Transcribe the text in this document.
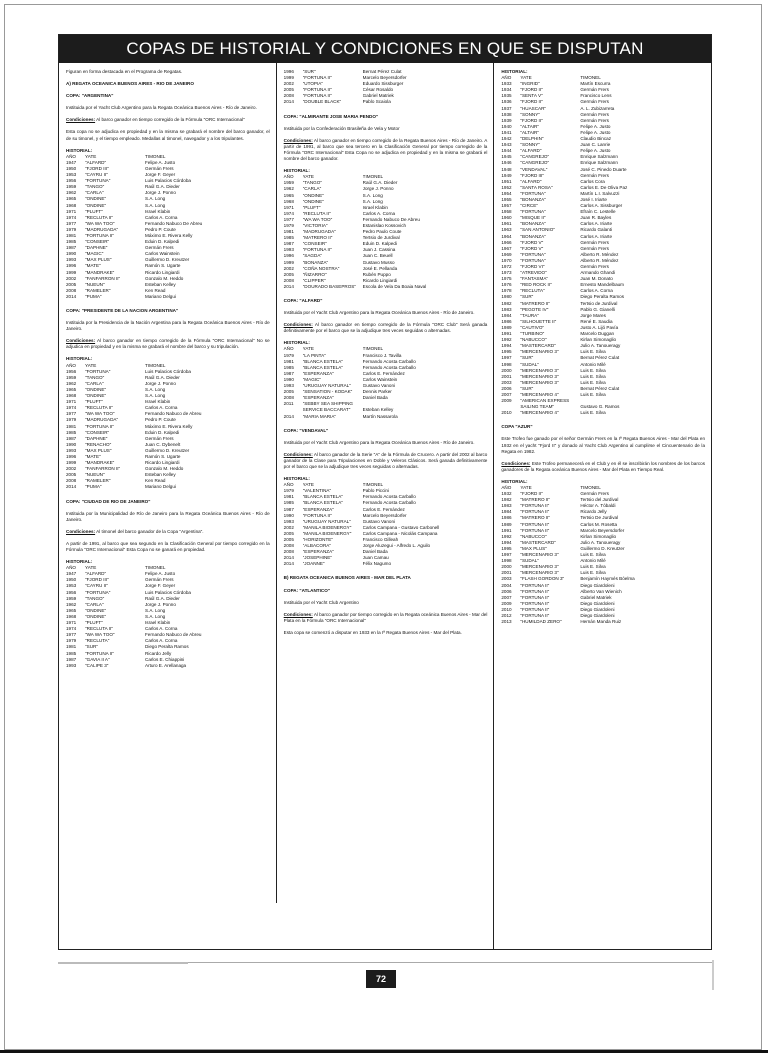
COPAS DE HISTORIAL Y CONDICIONES EN QUE SE DISPUTAN
Figuran en forma destacada en el Programa de Regatas.
A) REGATA OCEANICA BUENOS AIRES - RIO DE JANEIRO
COPA: "ARGENTINA"
Instituida por el Yacht Club Argentino para la Regata Oceánica Buenos Aires - Río de Janeiro.
Condiciones: Al barco ganador en tiempo corregido de la Fórmula "ORC Internacional"
Esta copa no se adjudica en propiedad y en la misma se grabará el nombre del barco ganador, el de su timonel, y el tiempo empleado. Medallas al timonel, navegador y a los tripulantes.
HISTORIAL:
AÑO	YATE	TIMONEL
1947	"ALFARD"	Felipe A. Justo
1950	"FJORD III"	Germán Frers
1953	"CAYRU II"	Jorge F. Geyer
1956	"FORTUNA"	Luis Palacios Córdoba
1959	"TANGO"	Raúl G.A. Dieder
1962	"CARLA"	Jorge J. Ponno
1965	"ONDINE"	S.A. Long
1968	"ONDINE"	S.A. Long
1971	"PLUFT"	Israel Klabin
1974	"RECLUTA II"	Carlos A. Corna
1977	"WA WA TOO"	Fernando Nabuco De Abreu
1979	"MADRUGADA"	Pedro P. Coute
1981	"FORTUNA II"	Máximo E. Rivera Kelly
1985	"CONSEIR"	Eduin D. Kalpedi
1987	"DAPHNE"	Germán Frers
1990	"MAGIC"	Carlos Wainstein
1993	"MAX PLUS"	Guillermo D. Kreutzer
1996	"MATE"	Ramón S. Ugarte
1999	"MANDRAKE"	Ricardo Lingiardi
2002	"FANFARRON II"	Gonzalo M. Heddo
2005	"NUEUN"	Esteban Kelley
2008	"RAMELER"	Ken Read
2014	"PUMA"	Mariano Delgui
COPA: "PRESIDENTE DE LA NACION ARGENTINA"
Instituida por la Presidencia de la Nación Argentina para la Regata Oceánica Buenos Aires - Río de Janeiro.
Condiciones: Al barco ganador en tiempo corregido de la Fórmula "ORC Internacional" No se adjudica en propiedad y en la misma se grabará el nombre del barco y su tripulación.
HISTORIAL:
AÑO	YATE	TIMONEL
1956	"FORTUNA"	Luis Palacios Córdoba
1959	"TANGO"	Raúl G.A. Dieder
1962	"CARLA"	Jorge J. Ponno
1965	"ONDINE"	S.A. Long
1968	"ONDINE"	S.A. Long
1971	"PLUFT"	Israel Klabin
1974	"RECLUTA II"	Carlos A. Corna
1977	"WA WA TOO"	Fernando Nabuco de Abreu
1979	"MADRUGADA"	Pedro P. Coute
1981	"FORTUNA II"	Máximo E. Rivera Kelly
1985	"CONSEIR"	Eduin D. Kalpedi
1987	"DAPHNE"	Germán Frers
1990	"RENACHO"	Juan C. Dybenelt
1993	"MAX PLUS"	Guillermo D. Kreutzer
1996	"MATE"	Ramón S. Ugarte
1999	"MANDRAKE"	Ricardo Lingiardi
2002	"FANFARRON II"	Gonzalo M. Heddo
2005	"NUEUN"	Esteban Kelley
2008	"RAMELER"	Ken Read
2014	"PUMA"	Mariano Delgui
COPA: "CIUDAD DE RIO DE JANEIRO"
Instituida por la Municipalidad de Río de Janeiro para la Regata Oceánica Buenos Aires - Río de Janeiro.
Condiciones: Al timonel del barco ganador de la Copa "Argentina".
A partir de 1991, al barco que sea segundo en la Clasificación General por tiempo corregido en la Fórmula "ORC Internacional" Esta Copa no se ganará en propiedad.
HISTORIAL:
AÑO	YATE	TIMONEL
1947	"ALFARD"	Felipe A. Justo
1950	"FJORD III"	Germán Frers
1953	"CAYRU II"	Jorge F. Geyer
1956	"FORTUNA"	Luis Palacios Córdoba
1959	"TANGO"	Raúl G.A. Dieder
1962	"CARLA"	Jorge J. Ponno
1965	"ONDINE"	S.A. Long
1968	"ONDINE"	S.A. Long
1971	"PLUFT"	Israel Klabin
1974	"RECLUTA II"	Carlos A. Corna
1977	"WA WA TOO"	Fernando Nabuco de Abreu
1979	"RECLUTA"	Carlos A. Corna
1981	"SUR"	Diego Peralta Ramos
1985	"FORTUNA II"	Ricardo Jelly
1987	"GAVIA II A"	Carlos E. Chiappini
1993	"CALIPE 3"	Arturo E. Arellanaga
1996	"SUR"	Bernat Pérez Culat
1999	"FORTUNA II"	Marcelo Beyersdorfer
2002	"UTOPIA"	Eduardo Sissburger
2005	"FORTUNA II"	César Rosaldo
2008	"FORTUNA II"	Gabriel Matriek
2014	"DOUBLE BLACK"	Pablo Scaiola
COPA: "ALMIRANTE JOSE MARIA PENDO"
Instituida por la Confederación Brasileña de Vela y Motor
Condiciones: Al barco ganador en tiempo corregido de la Regata Buenos Aires - Río de Janeiro. A partir de 1991, al barco que sea tercero en la Clasificación General por tiempo corregido de la Fórmula "ORC Internacional" Esta Copa no se adjudica en propiedad y en la misma se grabará el nombre del barco ganador.
HISTORIAL:
AÑO	YATE	TIMONEL
1959	"TANGO"	Raúl G.A. Dieder
1962	"CARLA"	Jorge J. Ponno
1965	"ONDINE"	S.A. Long
1968	"ONDINE"	S.A. Long
1971	"PLUFT"	Israel Klabin
1974	"RECLUTA II"	Carlos A. Corna
1977	"WA WA TOO"	Fernando Nabuco De Abreu
1979	"VICTORIA"	Estanislao Kossovich
1981	"MADRUGADA"	Pedro Paulo Coute
1985	"MATRERO II"	Tertsio de Jurdival
1987	"CONSEIR"	Eduin D. Kalpedi
1993	"FORTUNA II"	Juan J. Cassina
1996	"SAGDA"	Juan C. Beuell
1999	"BONANZA"	Gustavo Musso
2002	"COÑA NOSTRA"	José E. Pellanda
2005	"ÑIZARRO"	Rubén Puppo
2008	"CLIPPER"	Ricardo Lingiardi
2014	"DOURADO BASEPROS"	Escola de Vela Da Boaia Naval
COPA: "ALFARD"
Instituida por el Yacht Club Argentino para la Regata Oceánica Buenos Aires - Río de Janeiro.
Condiciones: Al barco ganador en tiempo corregido de la Fórmula "ORC Club" Será ganada definitivamente por el barco que se la adjudique tres veces seguidas o alternadas.
HISTORIAL:
AÑO	YATE	TIMONEL
1979	"LA PINTA"	Francisco J. Tavilla
1981	"BLANCA ESTELA"	Fernando Acosta Carballo
1985	"BLANCA ESTELA"	Fernando Acosta Carballo
1987	"ESPERANZA"	Carlos E. Fernández
1990	"MAGIC"	Carlos Wainstein
1993	"URUGUAY NATURAL"	Gustavo Vanoni
2005	"SENSATION - KODAK"	Dennis Parker
2008	"ESPERANZA"	Daniel Bada
2011	"SEBBY SEA SHIPPING
SERVICE BACCARAT"	Esteban Kelley
2014	"MARIA MARIA"	Martín Nassarola
COPA: "VENDAVAL"
Instituida por el Yacht Club Argentino para la Regata Oceánica Buenos Aires - Río de Janeiro.
Condiciones: Al barco ganador de la Serie "A" de la Fórmula de Crucero. A partir del 2002 al barco ganador de la Clase para Tripulaciones en Doble y Veleros Clásicos. Será ganada definitivamente por el barco que se la adjudique tres veces seguidas o alternadas.
HISTORIAL:
AÑO	YATE	TIMONEL
1979	"VALENTINA"	Pablo Piccini
1981	"BLANCA ESTELA"	Fernando Acosta Carballo
1985	"BLANCA ESTELA"	Fernando Acosta Carballo
1987	"ESPERANZA"	Carlos E. Fernández
1990	"FORTUNA II"	Marcelo Beyersdorfer
1993	"URUGUAY NATURAL"	Gustavo Vanoni
2002	"MANILA BIOENERGY"	Carlos Campana - Gustavo Carbonell
2005	"MANILA BIOENERGY"	Carlos Campana - Nicolás Campana
2005	"HORIZONTE"	Francisco Gilleah
2008	"ALBACORA"	Jorge Aluzegui - Alfredo L. Aguilo
2008	"ESPERANZA"	Daniel Bada
2014	"JOSEPHINE"	Juan Camau
2014	"JOANNE"	Félix Nagumo
B) REGATA OCEANICA BUENOS AIRES - MAR DEL PLATA
COPA: "ATLANTICO"
Instituida por el Yacht Club Argentino
Condiciones: Al barco ganador por tiempo corregido en la Regata oceánica Buenos Aires - Mar del Plata en la Fórmula "ORC Internacional"
Esta copa se comenzó a disputar en 1933 en la Iª Regata Buenos Aires - Mar del Plata.
HISTORIAL:
AÑO	YATE	TIMONEL
1933	"INGRID"	Martín Escurra
1934	"FJORD II"	Germán Frers
1935	"SENTA V"	Francisco Lens
1936	"FJORD II"	Germán Frers
1937	"HUASCAR"	A. L. Zubizarreta
1938	"SONNY"	Germán Frers
1939	"FJORD II"	Germán Frers
1940	"ALTAIR"	Felipe A. Justo
1941	"ALTAIR"	Felipe A. Justo
1942	"DELPHIN"	Claudio Bincaz
1943	"SONNY"	Juan C. Lanrie
1944	"ALFARD"	Felipe A. Justo
1945	"CANGREJO"	Enrique Salzmann
1946	"CANGREJO"	Enrique Salzmann
1948	"VENDAVAL"	José C. Pinedo Duarte
1949	"FJORD III"	Germán Frers
1951	"ALFARD"	Carlos Cora
1952	"SANTA ROSA"	Carlos E. De Oliva Paz
1954	"FORTUNA"	Martín L.I. Salvuzzi
1955	"BONANZA"	José I. Iriarte
1957	"CIRCE"	Carlos A. Sissburger
1958	"FORTUNA"	Efraín C. Lestelle
1960	"MISQUE II"	Juan R. Bayles
1961	"BONANZA"	Carlos A. Iriarte
1963	"SAN ANTONIO"	Ricardo Galanti
1964	"BONANZA"	Carlos A. Iriarte
1966	"FJORD V"	Germán Frers
1967	"FJORD V"	Germán Frers
1969	"FORTUNA"	Alberto R. Méndez
1970	"FORTUNA"	Alberto R. Méndez
1972	"FJORD VI"	Germán Frers
1973	"ATREVIDO"	Armando Ghandi
1975	"FANTASMA"	Juan M. Donato
1976	"RED ROCK II"	Ernesto Mandelbaum
1978	"RECLUTA"	Carlos A. Corna
1980	"SUR"	Diego Peralta Ramos
1982	"MATRERO II"	Tertsio de Jurdival
1983	"PEGOTE IV"	Pablo G. Gianelli
1984	"TAURA"	Jorge Mares
1986	"SILHOUETTE II"	René E. Saudia
1989	"CAUTIVO"	Justo A. Lijó Pavía
1991	"TURBINO"	Marcelo Duggan
1992	"NABUCCO"	Kirlan Simonaglio
1994	"MASTERCARD"	Julio A. Tanoueragy
1995	"MERCENARIO 3"	Luis E. Silva
1997	"SUR"	Bernat Pérez Culat
1998	"SUDAL"	Antonio Milé
2000	"MERCENARIO 3"	Luis E. Silva
2001	"MERCENARIO 3"	Luis E. Silva
2003	"MERCENARIO 3"	Luis E. Silva
2006	"SUR"	Bernat Pérez Culat
2007	"MERCENARIO 4"	Luis E. Silva
2009	"AMERICAN EXPRESS
SAILING TEAM"	Gustavo G. Ramos
2010	"MERCENARIO 4"	Luis E. Silva
COPA "AZUR"
Este Trofeo fue ganado por el señor Germán Frers en la Iª Regata Buenos Aires - Mar del Plata en 1932 en el yacht "Fjord II" y donado al Yacht Club Argentino al cumplirse el Cincuentenario de la Regata en 1982.
Condiciones: Este Trofeo permanecerá en el Club y en él se inscribirán los nombres de los barcos ganadores de la Regata oceánica Buenos Aires - Mar del Plata en Tiempo Real.
HISTORIAL:
AÑO	YATE	TIMONEL
1932	"FJORD II"	Germán Frers
1982	"MATRERO II"	Tertsio del Jurdival
1983	"FORTUNA II"	Héctor A. Tóbaldi
1984	"FORTUNA II"	Ricardo Jelly
1986	"MATRERO II"	Tertsio De Jurdival
1989	"FORTUNA II"	Carlos M. Rosetta
1991	"FORTUNA II"	Marcelo Beyersdorfer
1992	"NABUCCO"	Kirlan Simonaglio
1994	"MASTERCARD"	Julio A. Tanoueragy
1995	"MAX PLUS"	Guillermo D. Kreutzer
1997	"MERCENARIO 3"	Luis E. Silva
1998	"SUDAL"	Antonio Milé
2000	"MERCENARIO 3"	Luis E. Silva
2001	"MERCENARIO 3"	Luis E. Silva
2003	"FLASH GORDON 3"	Benjamín Haymés Bóelma
2004	"FORTUNA II"	Diego Giardoleni
2006	"FORTUNA II"	Alberto Van Wienich
2007	"FORTUNA II"	Gabriel Matriek
2009	"FORTUNA II"	Diego Giardoleni
2010	"FORTUNA II"	Diego Giardoleni
2012	"FORTUNA II"	Diego Giardoleni
2013	"HUMILDAD ZERO"	Hernán Manda Ruiz
72
